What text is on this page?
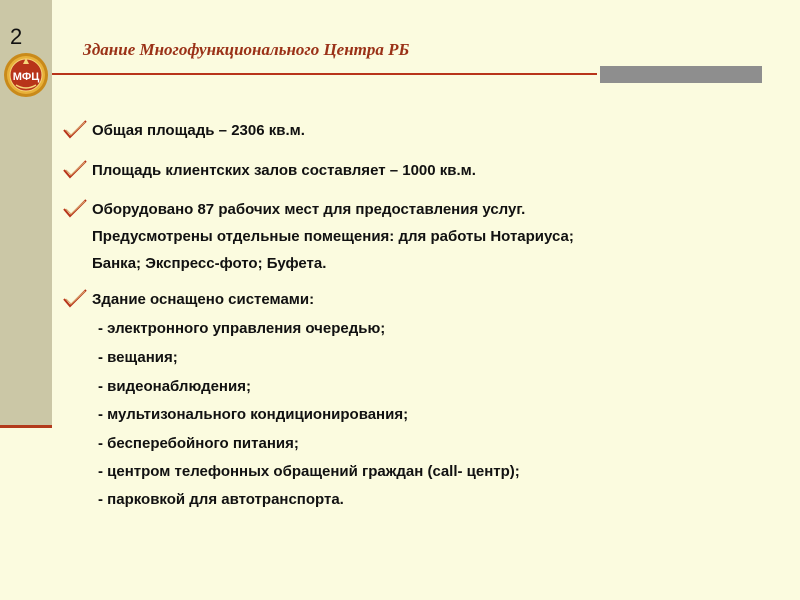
2
МФЦ
Здание Многофункционального Центра РБ
Общая площадь – 2306 кв.м.
Площадь клиентских залов составляет – 1000 кв.м.
Оборудовано 87 рабочих мест для предоставления услуг.
Предусмотрены отдельные помещения: для работы Нотариуса;
Банка; Экспресс-фото; Буфета.
Здание оснащено системами:
- электронного управления очередью;
- вещания;
- видеонаблюдения;
- мультизонального кондиционирования;
- бесперебойного питания;
- центром телефонных обращений граждан (call- центр);
- парковкой для автотранспорта.
